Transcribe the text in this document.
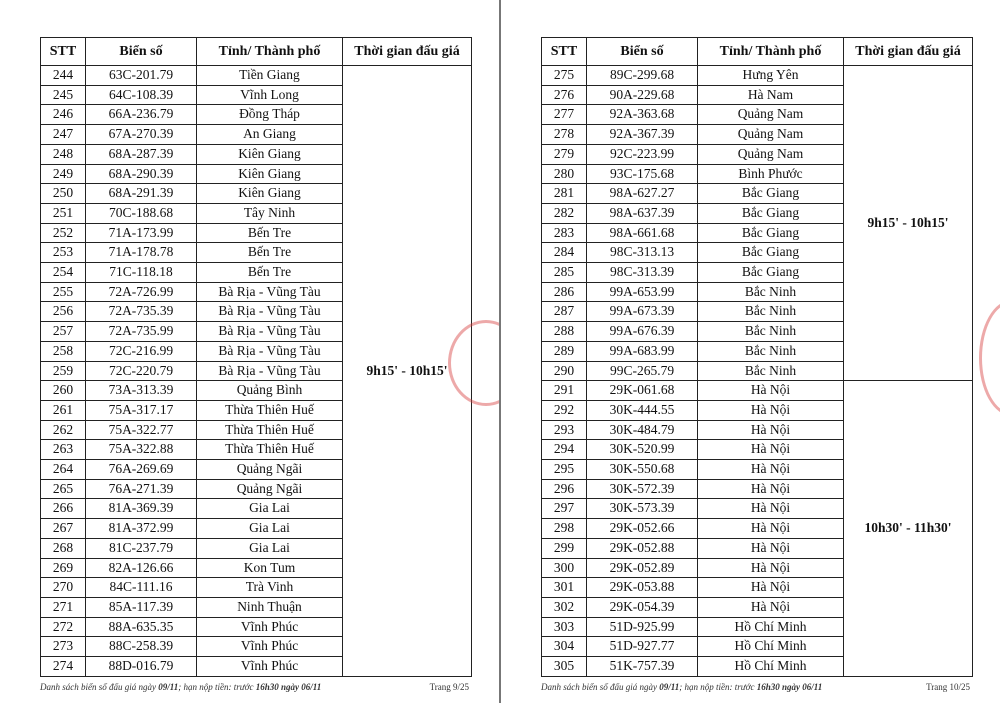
STT	Biển số	Tỉnh/ Thành phố	Thời gian đấu giá
244	63C-201.79	Tiền Giang	9h15' - 10h15'
245	64C-108.39	Vĩnh Long	
246	66A-236.79	Đồng Tháp	
247	67A-270.39	An Giang	
248	68A-287.39	Kiên Giang	
249	68A-290.39	Kiên Giang	
250	68A-291.39	Kiên Giang	
251	70C-188.68	Tây Ninh	
252	71A-173.99	Bến Tre	
253	71A-178.78	Bến Tre	
254	71C-118.18	Bến Tre	
255	72A-726.99	Bà Rịa - Vũng Tàu	
256	72A-735.39	Bà Rịa - Vũng Tàu	
257	72A-735.99	Bà Rịa - Vũng Tàu	
258	72C-216.99	Bà Rịa - Vũng Tàu	
259	72C-220.79	Bà Rịa - Vũng Tàu	
260	73A-313.39	Quảng Bình	
261	75A-317.17	Thừa Thiên Huế	
262	75A-322.77	Thừa Thiên Huế	
263	75A-322.88	Thừa Thiên Huế	
264	76A-269.69	Quảng Ngãi	
265	76A-271.39	Quảng Ngãi	
266	81A-369.39	Gia Lai	
267	81A-372.99	Gia Lai	
268	81C-237.79	Gia Lai	
269	82A-126.66	Kon Tum	
270	84C-111.16	Trà Vinh	
271	85A-117.39	Ninh Thuận	
272	88A-635.35	Vĩnh Phúc	
273	88C-258.39	Vĩnh Phúc	
274	88D-016.79	Vĩnh Phúc	
Danh sách biển số đấu giá ngày 09/11; hạn nộp tiền: trước 16h30 ngày 06/11	Trang 9/25
STT	Biển số	Tỉnh/ Thành phố	Thời gian đấu giá
275	89C-299.68	Hưng Yên	9h15' - 10h15'
276	90A-229.68	Hà Nam	
277	92A-363.68	Quảng Nam	
278	92A-367.39	Quảng Nam	
279	92C-223.99	Quảng Nam	
280	93C-175.68	Bình Phước	
281	98A-627.27	Bắc Giang	
282	98A-637.39	Bắc Giang	
283	98A-661.68	Bắc Giang	
284	98C-313.13	Bắc Giang	
285	98C-313.39	Bắc Giang	
286	99A-653.99	Bắc Ninh	
287	99A-673.39	Bắc Ninh	
288	99A-676.39	Bắc Ninh	
289	99A-683.99	Bắc Ninh	
290	99C-265.79	Bắc Ninh	
291	29K-061.68	Hà Nội	10h30' - 11h30'
292	30K-444.55	Hà Nội	
293	30K-484.79	Hà Nội	
294	30K-520.99	Hà Nội	
295	30K-550.68	Hà Nội	
296	30K-572.39	Hà Nội	
297	30K-573.39	Hà Nội	
298	29K-052.66	Hà Nội	
299	29K-052.88	Hà Nội	
300	29K-052.89	Hà Nội	
301	29K-053.88	Hà Nội	
302	29K-054.39	Hà Nội	
303	51D-925.99	Hồ Chí Minh	
304	51D-927.77	Hồ Chí Minh	
305	51K-757.39	Hồ Chí Minh	
Danh sách biển số đấu giá ngày 09/11; hạn nộp tiền: trước 16h30 ngày 06/11	Trang 10/25
